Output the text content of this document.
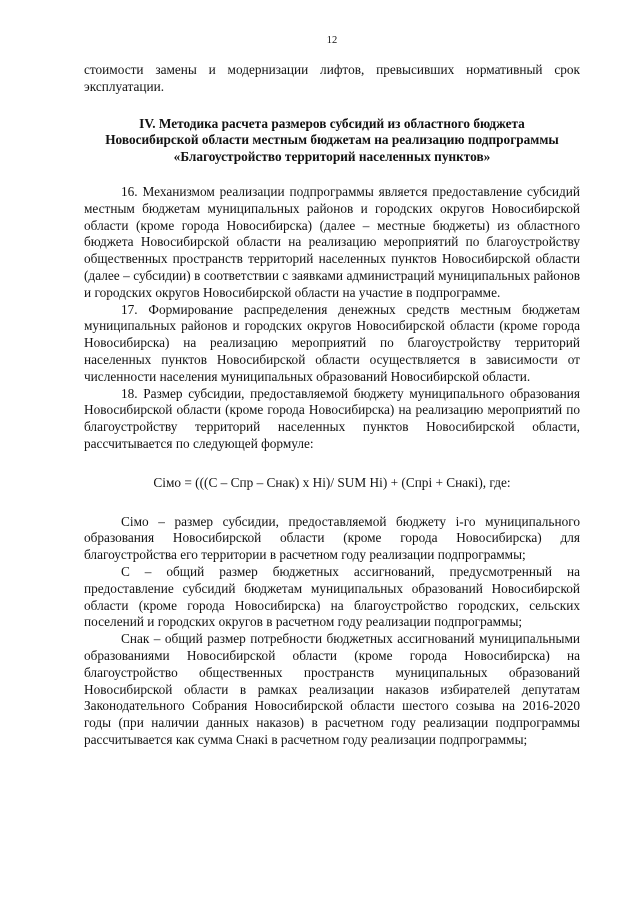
12

стоимости замены и модернизации лифтов, превысивших нормативный срок эксплуатации.

IV. Методика расчета размеров субсидий из областного бюджета
Новосибирской области местным бюджетам на реализацию подпрограммы
«Благоустройство территорий населенных пунктов»

16. Механизмом реализации подпрограммы является предоставление субсидий местным бюджетам муниципальных районов и городских округов Новосибирской области (кроме города Новосибирска) (далее – местные бюджеты) из областного бюджета Новосибирской области на реализацию мероприятий по благоустройству общественных пространств территорий населенных пунктов Новосибирской области (далее – субсидии) в соответствии с заявками администраций муниципальных районов и городских округов Новосибирской области на участие в подпрограмме.

17. Формирование распределения денежных средств местным бюджетам муниципальных районов и городских округов Новосибирской области (кроме города Новосибирска) на реализацию мероприятий по благоустройству территорий населенных пунктов Новосибирской области осуществляется в зависимости от численности населения муниципальных образований Новосибирской области.

18. Размер субсидии, предоставляемой бюджету муниципального образования Новосибирской области (кроме города Новосибирска) на реализацию мероприятий по благоустройству территорий населенных пунктов Новосибирской области, рассчитывается по следующей формуле:

Сімо = (((С – Спр – Снак) х Ні)/ SUM Ні) + (Спрі + Снакі), где:

Сімо – размер субсидии, предоставляемой бюджету i-го муниципального образования Новосибирской области (кроме города Новосибирска) для благоустройства его территории в расчетном году реализации подпрограммы;

С – общий размер бюджетных ассигнований, предусмотренный на предоставление субсидий бюджетам муниципальных образований Новосибирской области (кроме города Новосибирска) на благоустройство городских, сельских поселений и городских округов в расчетном году реализации подпрограммы;

Снак – общий размер потребности бюджетных ассигнований муниципальными образованиями Новосибирской области (кроме города Новосибирска) на благоустройство общественных пространств муниципальных образований Новосибирской области в рамках реализации наказов избирателей депутатам Законодательного Собрания Новосибирской области шестого созыва на 2016-2020 годы (при наличии данных наказов) в расчетном году реализации подпрограммы рассчитывается как сумма Снакі в расчетном году реализации подпрограммы;
